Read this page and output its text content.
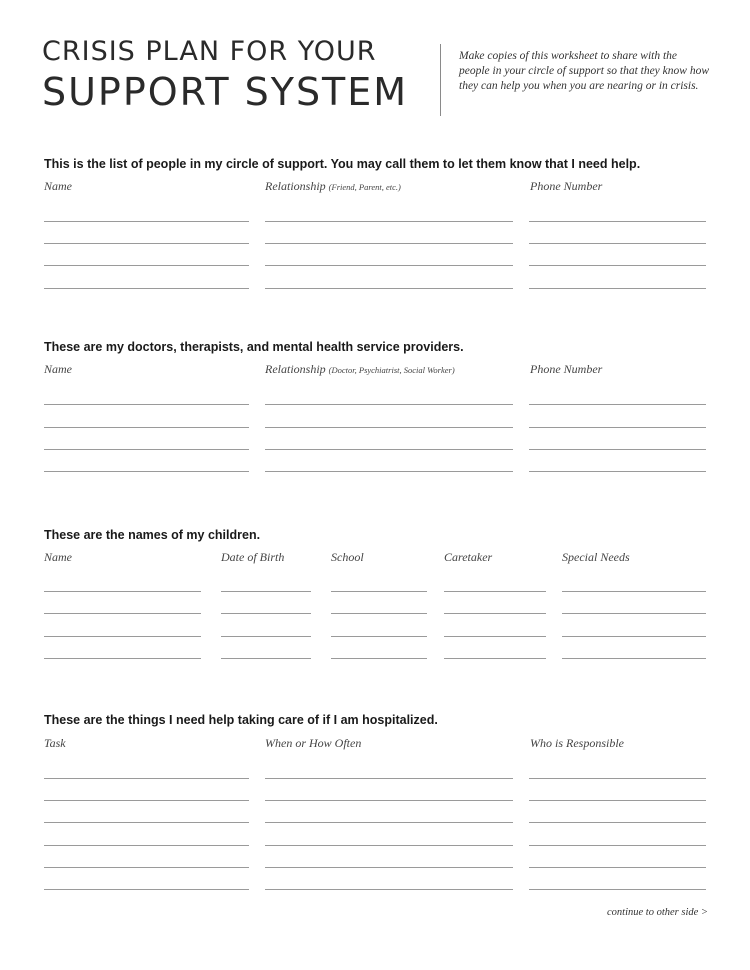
CRISIS PLAN FOR YOUR
SUPPORT SYSTEM
Make copies of this worksheet to share with the people in your circle of support so that they know how they can help you when you are nearing or in crisis.
This is the list of people in my circle of support. You may call them to let them know that I need help.
Name	Relationship (Friend, Parent, etc.)	Phone Number
These are my doctors, therapists, and mental health service providers.
Name	Relationship (Doctor, Psychiatrist, Social Worker)	Phone Number
These are the names of my children.
Name	Date of Birth	School	Caretaker	Special Needs
These are the things I need help taking care of if I am hospitalized.
Task	When or How Often	Who is Responsible
continue to other side >
